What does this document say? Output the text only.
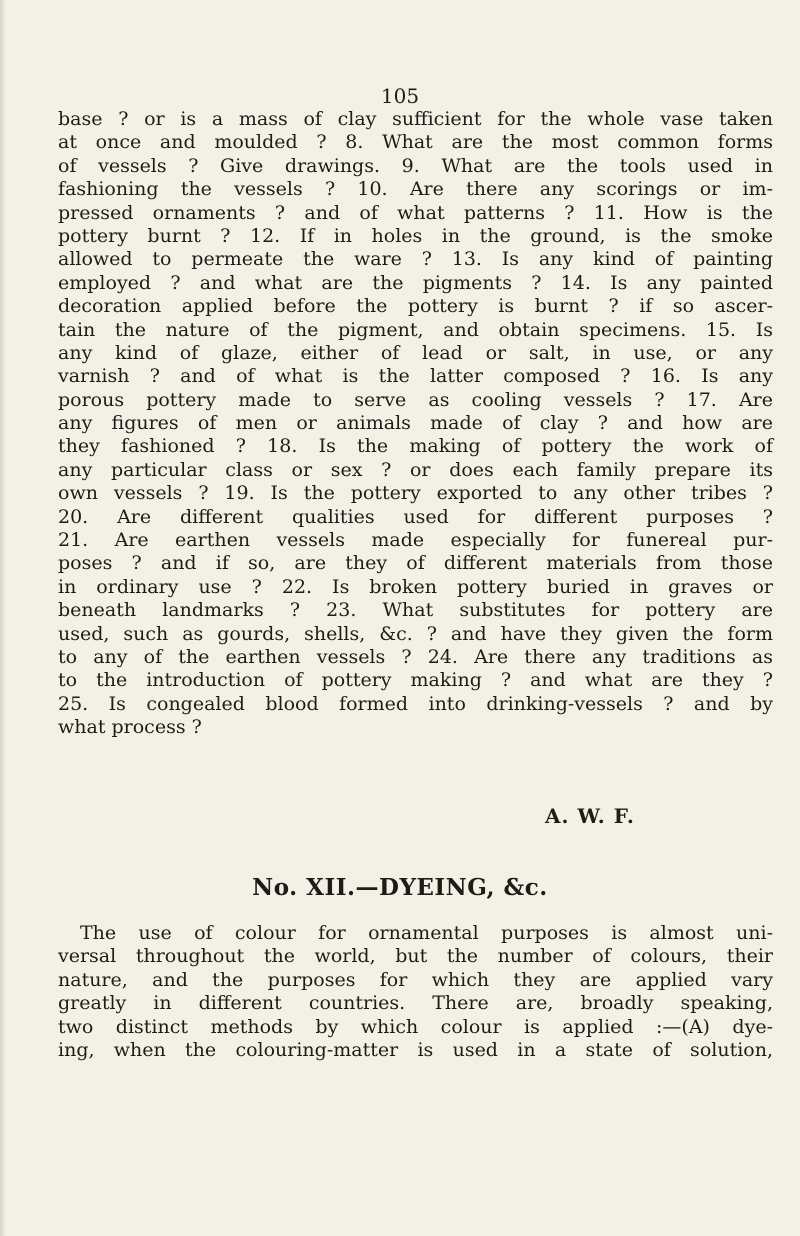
105
base ? or is a mass of clay sufficient for the whole vase taken
at once and moulded ? 8. What are the most common forms
of vessels ? Give drawings. 9. What are the tools used in
fashioning the vessels ? 10. Are there any scorings or im-
pressed ornaments ? and of what patterns ? 11. How is the
pottery burnt ? 12. If in holes in the ground, is the smoke
allowed to permeate the ware ? 13. Is any kind of painting
employed ? and what are the pigments ? 14. Is any painted
decoration applied before the pottery is burnt ? if so ascer-
tain the nature of the pigment, and obtain specimens. 15. Is
any kind of glaze, either of lead or salt, in use, or any
varnish ? and of what is the latter composed ? 16. Is any
porous pottery made to serve as cooling vessels ? 17. Are
any figures of men or animals made of clay ? and how are
they fashioned ? 18. Is the making of pottery the work of
any particular class or sex ? or does each family prepare its
own vessels ? 19. Is the pottery exported to any other tribes ?
20. Are different qualities used for different purposes ?
21. Are earthen vessels made especially for funereal pur-
poses ? and if so, are they of different materials from those
in ordinary use ? 22. Is broken pottery buried in graves or
beneath landmarks ? 23. What substitutes for pottery are
used, such as gourds, shells, &c. ? and have they given the form
to any of the earthen vessels ? 24. Are there any traditions as
to the introduction of pottery making ? and what are they ?
25. Is congealed blood formed into drinking-vessels ? and by
what process ?
A. W. F.
No. XII.—DYEING, &c.
The use of colour for ornamental purposes is almost uni-
versal throughout the world, but the number of colours, their
nature, and the purposes for which they are applied vary
greatly in different countries. There are, broadly speaking,
two distinct methods by which colour is applied :—(A) dye-
ing, when the colouring-matter is used in a state of solution,
